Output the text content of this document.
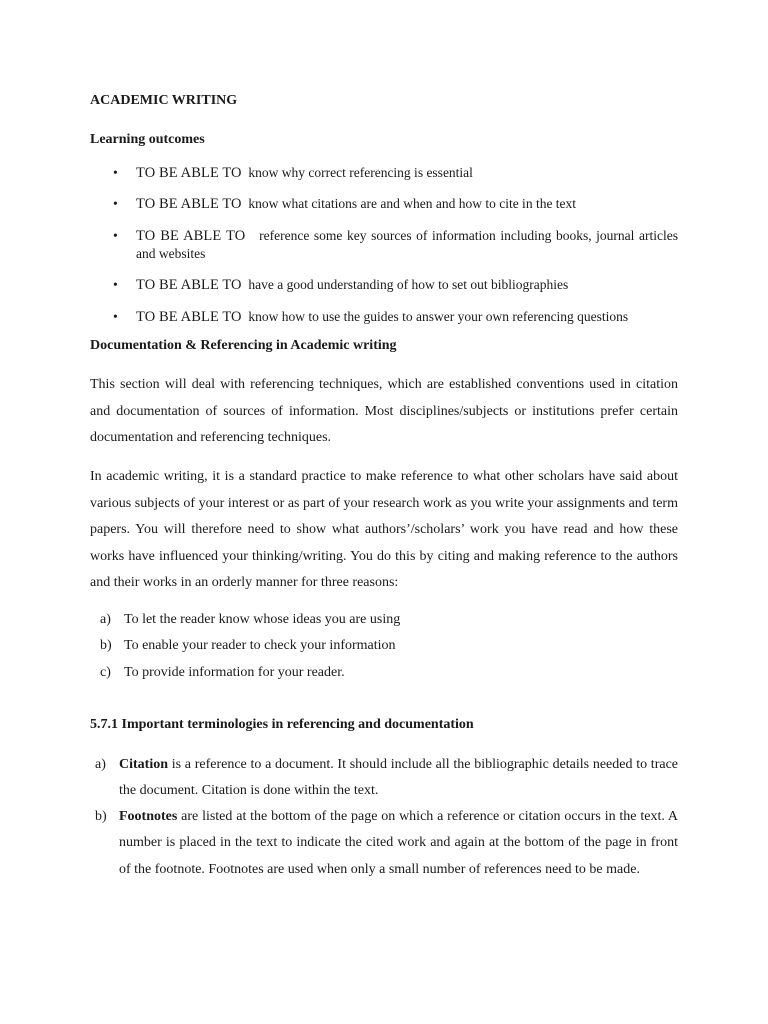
ACADEMIC WRITING
Learning outcomes
• TO BE ABLE TO know why correct referencing is essential
• TO BE ABLE TO know what citations are and when and how to cite in the text
• TO BE ABLE TO reference some key sources of information including books, journal articles and websites
• TO BE ABLE TO have a good understanding of how to set out bibliographies
• TO BE ABLE TO know how to use the guides to answer your own referencing questions
Documentation & Referencing in Academic writing

This section will deal with referencing techniques, which are established conventions used in citation and documentation of sources of information. Most disciplines/subjects or institutions prefer certain documentation and referencing techniques.

In academic writing, it is a standard practice to make reference to what other scholars have said about various subjects of your interest or as part of your research work as you write your assignments and term papers. You will therefore need to show what authors’/scholars’ work you have read and how these works have influenced your thinking/writing. You do this by citing and making reference to the authors and their works in an orderly manner for three reasons:

a) To let the reader know whose ideas you are using
b) To enable your reader to check your information
c) To provide information for your reader.
5.7.1 Important terminologies in referencing and documentation
a) Citation is a reference to a document. It should include all the bibliographic details needed to trace the document. Citation is done within the text.
b) Footnotes are listed at the bottom of the page on which a reference or citation occurs in the text. A number is placed in the text to indicate the cited work and again at the bottom of the page in front of the footnote. Footnotes are used when only a small number of references need to be made.
